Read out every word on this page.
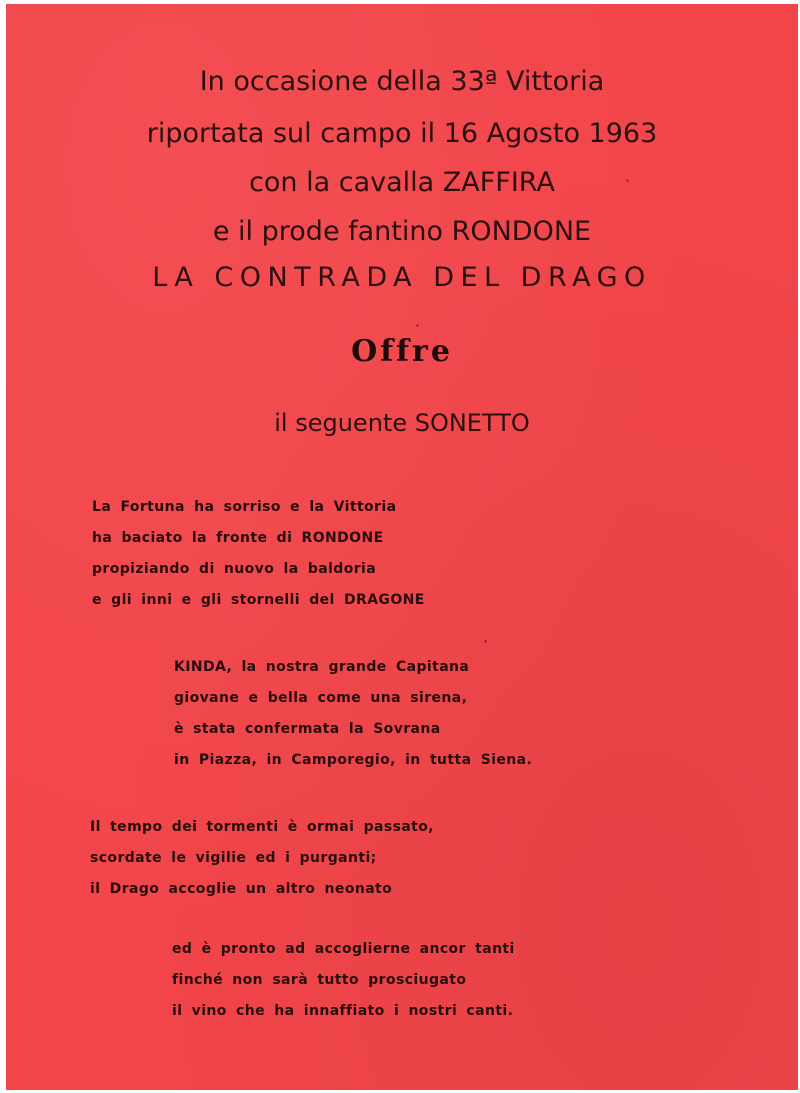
In occasione della 33ª Vittoria
riportata sul campo il 16 Agosto 1963
con la cavalla ZAFFIRA
e il prode fantino RONDONE
LA CONTRADA DEL DRAGO
Offre
il seguente SONETTO
La Fortuna ha sorriso e la Vittoria
ha baciato la fronte di RONDONE
propiziando di nuovo la baldoria
e gli inni e gli stornelli del DRAGONE
KINDA, la nostra grande Capitana
giovane e bella come una sirena,
è stata confermata la Sovrana
in Piazza, in Camporegio, in tutta Siena.
Il tempo dei tormenti è ormai passato,
scordate le vigilie ed i purganti;
il Drago accoglie un altro neonato
ed è pronto ad accoglierne ancor tanti
finché non sarà tutto prosciugato
il vino che ha innaffiato i nostri canti.
